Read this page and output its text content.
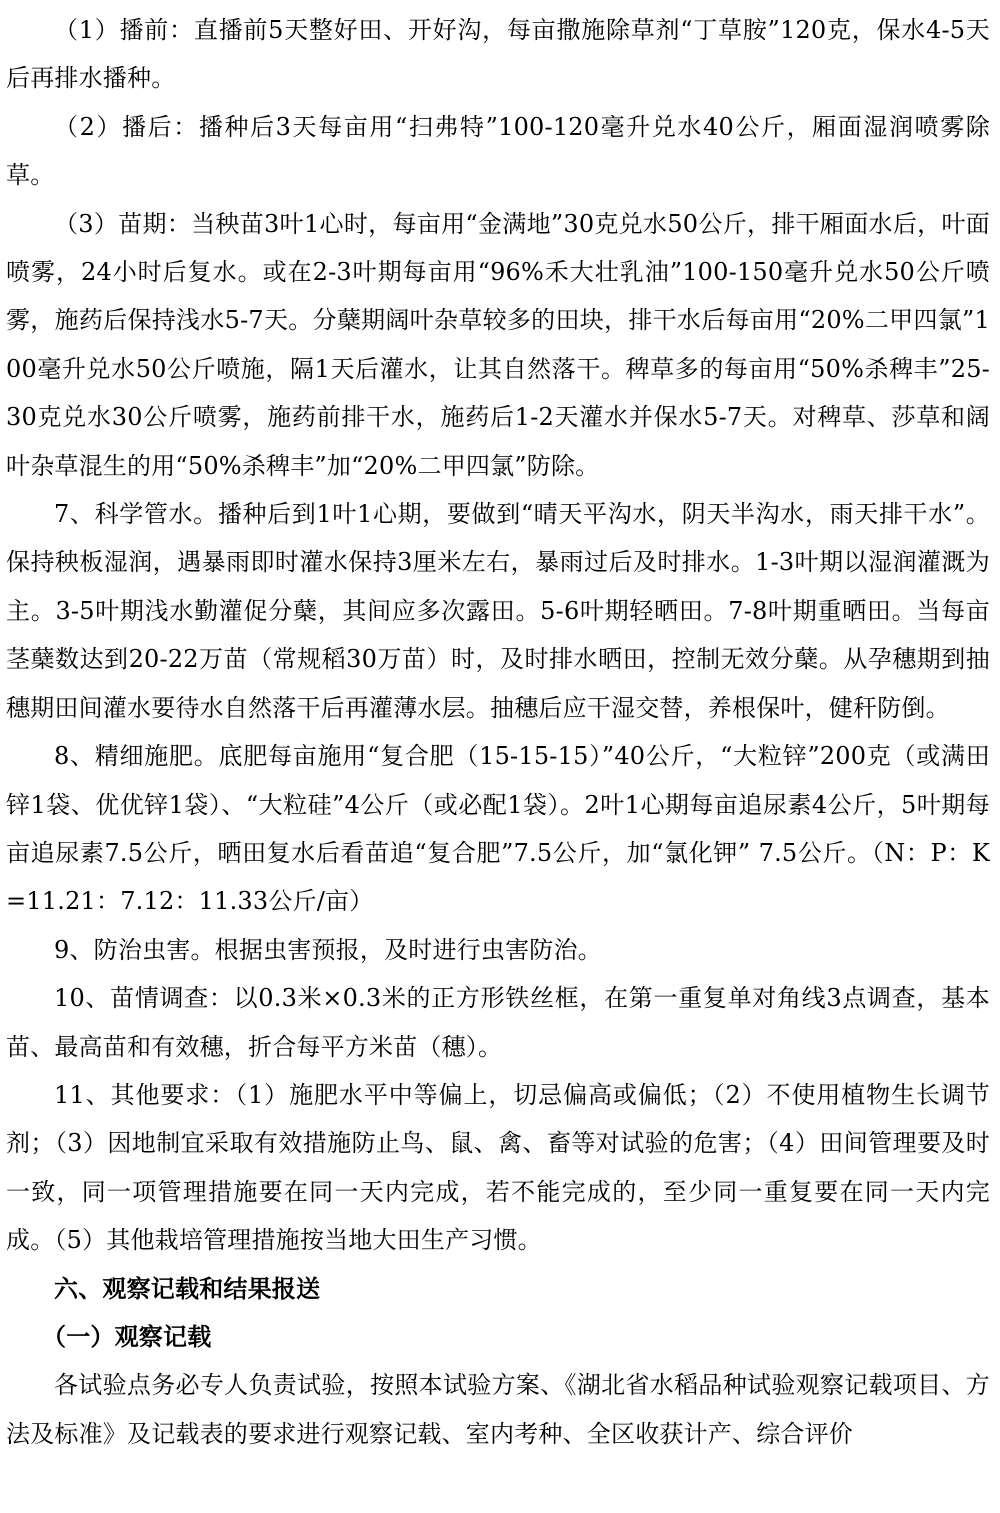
（1）播前：直播前5天整好田、开好沟，每亩撒施除草剂“丁草胺”120克，保水4-5天后再排水播种。

（2）播后：播种后3天每亩用“扫弗特”100-120毫升兑水40公斤，厢面湿润喷雾除草。

（3）苗期：当秧苗3叶1心时，每亩用“金满地”30克兑水50公斤，排干厢面水后，叶面喷雾，24小时后复水。或在2-3叶期每亩用“96%禾大壮乳油”100-150毫升兑水50公斤喷雾，施药后保持浅水5-7天。分蘖期阔叶杂草较多的田块，排干水后每亩用“20%二甲四氯”100毫升兑水50公斤喷施，隔1天后灌水，让其自然落干。稗草多的每亩用“50%杀稗丰”25-30克兑水30公斤喷雾，施药前排干水，施药后1-2天灌水并保水5-7天。对稗草、莎草和阔叶杂草混生的用“50%杀稗丰”加“20%二甲四氯”防除。

7、科学管水。播种后到1叶1心期，要做到“晴天平沟水，阴天半沟水，雨天排干水”。保持秧板湿润，遇暴雨即时灌水保持3厘米左右，暴雨过后及时排水。1-3叶期以湿润灌溉为主。3-5叶期浅水勤灌促分蘖，其间应多次露田。5-6叶期轻晒田。7-8叶期重晒田。当每亩茎蘖数达到20-22万苗（常规稻30万苗）时，及时排水晒田，控制无效分蘖。从孕穗期到抽穗期田间灌水要待水自然落干后再灌薄水层。抽穗后应干湿交替，养根保叶，健秆防倒。

8、精细施肥。底肥每亩施用“复合肥（15-15-15）”40公斤，“大粒锌”200克（或满田锌1袋、优优锌1袋）、“大粒硅”4公斤（或必配1袋）。2叶1心期每亩追尿素4公斤，5叶期每亩追尿素7.5公斤，晒田复水后看苗追“复合肥”7.5公斤，加“氯化钾” 7.5公斤。（N：P：K=11.21：7.12：11.33公斤/亩）

9、防治虫害。根据虫害预报，及时进行虫害防治。

10、苗情调查：以0.3米×0.3米的正方形铁丝框，在第一重复单对角线3点调查，基本苗、最高苗和有效穗，折合每平方米苗（穗）。

11、其他要求：（1）施肥水平中等偏上，切忌偏高或偏低；（2）不使用植物生长调节剂；（3）因地制宜采取有效措施防止鸟、鼠、禽、畜等对试验的危害；（4）田间管理要及时一致，同一项管理措施要在同一天内完成，若不能完成的，至少同一重复要在同一天内完成。（5）其他栽培管理措施按当地大田生产习惯。

六、观察记载和结果报送

（一）观察记载

各试验点务必专人负责试验，按照本试验方案、《湖北省水稻品种试验观察记载项目、方法及标准》及记载表的要求进行观察记载、室内考种、全区收获计产、综合评价
